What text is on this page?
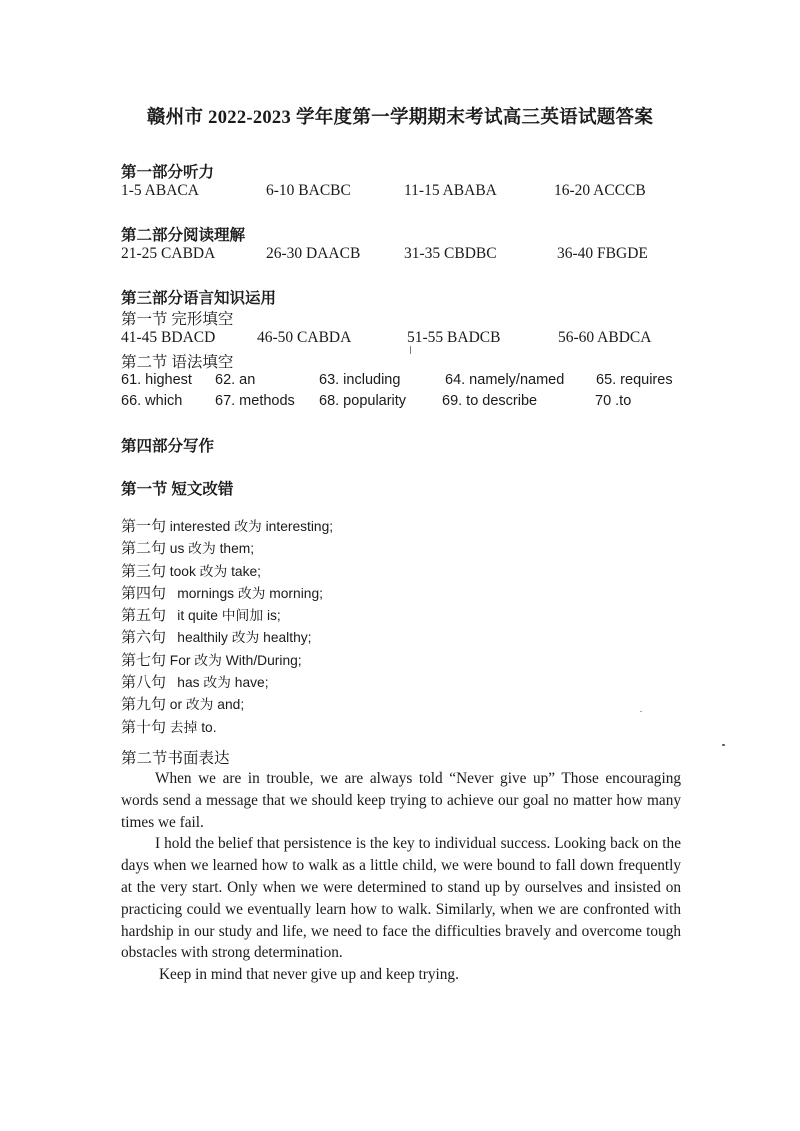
赣州市 2022-2023 学年度第一学期期末考试高三英语试题答案
第一部分听力
1-5 ABACA	6-10 BACBC	11-15 ABABA	16-20 ACCCB
第二部分阅读理解
21-25 CABDA	26-30 DAACB	31-35 CBDBC	36-40 FBGDE
第三部分语言知识运用
第一节 完形填空
41-45 BDACD	46-50 CABDA	51-55 BADCB	56-60 ABDCA
第二节 语法填空
61. highest 62. an	63. including	64. namely/named 65. requires
66. which 67. methods 68. popularity 69. to describe	70 .to
第四部分写作
第一节 短文改错
第一句 interested 改为 interesting;
第二句 us 改为 them;
第三句 took 改为 take;
第四句 mornings 改为 morning;
第五句 it quite 中间加 is;
第六句 healthily 改为 healthy;
第七句 For 改为 With/During;
第八句 has 改为 have;
第九句 or 改为 and;
第十句 去掉 to.
第二节书面表达

When we are in trouble, we are always told “Never give up” Those encouraging words send a message that we should keep trying to achieve our goal no matter how many times we fail.

I hold the belief that persistence is the key to individual success. Looking back on the days when we learned how to walk as a little child, we were bound to fall down frequently at the very start. Only when we were determined to stand up by ourselves and insisted on practicing could we eventually learn how to walk. Similarly, when we are confronted with hardship in our study and life, we need to face the difficulties bravely and overcome tough obstacles with strong determination.

Keep in mind that never give up and keep trying.
